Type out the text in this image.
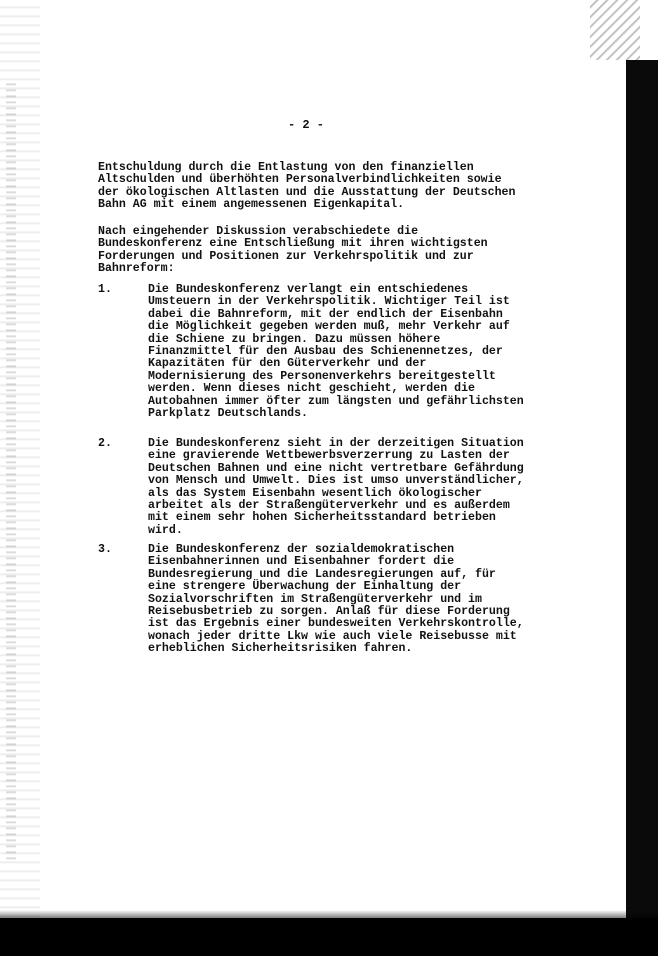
- 2 -

Entschuldung durch die Entlastung von den finanziellen Altschulden und überhöhten Personalverbindlichkeiten sowie der ökologischen Altlasten und die Ausstattung der Deutschen Bahn AG mit einem angemessenen Eigenkapital.

Nach eingehender Diskussion verabschiedete die Bundeskonferenz eine Entschließung mit ihren wichtigsten Forderungen und Positionen zur Verkehrspolitik und zur Bahnreform:

1.	Die Bundeskonferenz verlangt ein entschiedenes Umsteuern in der Verkehrspolitik. Wichtiger Teil ist dabei die Bahnreform, mit der endlich der Eisenbahn die Möglichkeit gegeben werden muß, mehr Verkehr auf die Schiene zu bringen. Dazu müssen höhere Finanzmittel für den Ausbau des Schienennetzes, der Kapazitäten für den Güterverkehr und der Modernisierung des Personenverkehrs bereitgestellt werden. Wenn dieses nicht geschieht, werden die Autobahnen immer öfter zum längsten und gefährlichsten Parkplatz Deutschlands.

2.	Die Bundeskonferenz sieht in der derzeitigen Situation eine gravierende Wettbewerbsverzerrung zu Lasten der Deutschen Bahnen und eine nicht vertretbare Gefährdung von Mensch und Umwelt. Dies ist umso unverständlicher, als das System Eisenbahn wesentlich ökologischer arbeitet als der Straßengüterverkehr und es außerdem mit einem sehr hohen Sicherheitsstandard betrieben wird.

3.	Die Bundeskonferenz der sozialdemokratischen Eisenbahnerinnen und Eisenbahner fordert die Bundesregierung und die Landesregierungen auf, für eine strengere Überwachung der Einhaltung der Sozialvorschriften im Straßengüterverkehr und im Reisebusbetrieb zu sorgen. Anlaß für diese Forderung ist das Ergebnis einer bundesweiten Verkehrskontrolle, wonach jeder dritte Lkw wie auch viele Reisebusse mit erheblichen Sicherheitsrisiken fahren.
